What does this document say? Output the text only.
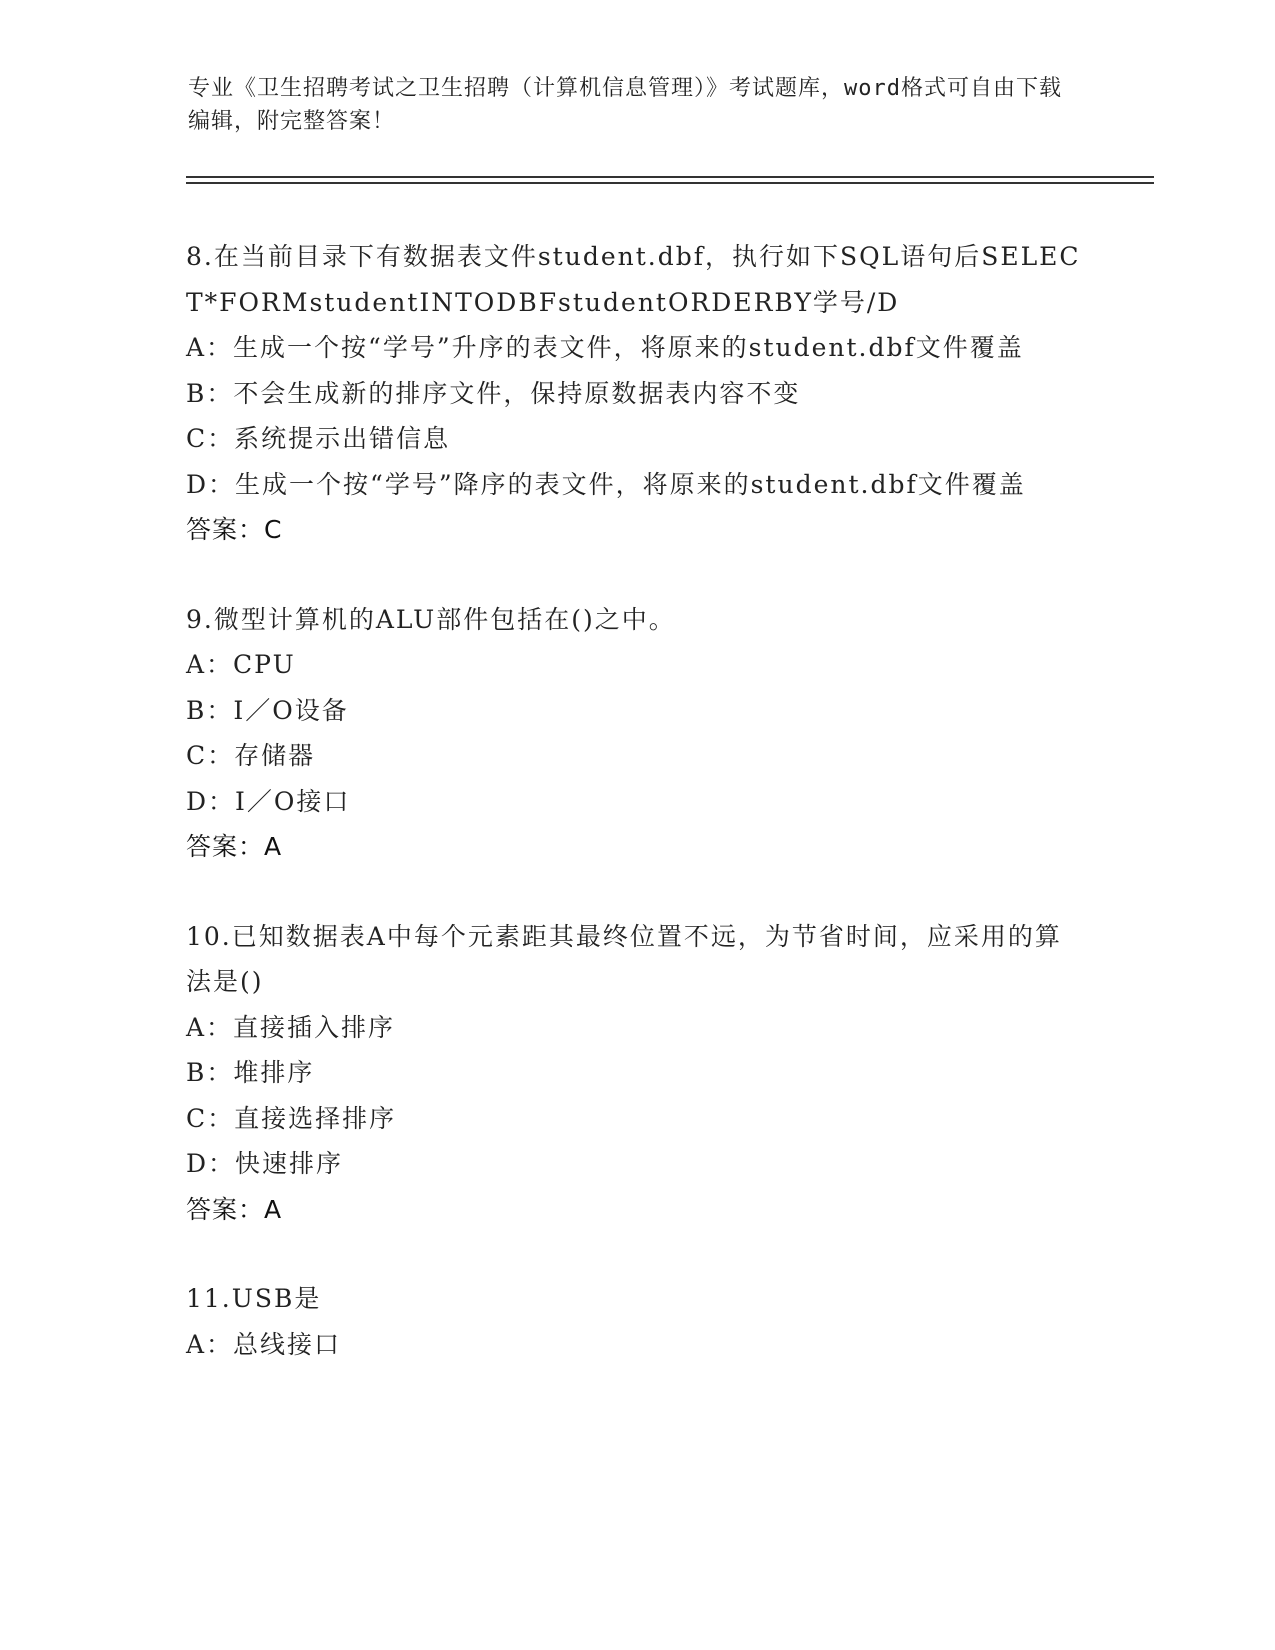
专业《卫生招聘考试之卫生招聘（计算机信息管理）》考试题库，word格式可自由下载编辑，附完整答案！
8.在当前目录下有数据表文件student.dbf，执行如下SQL语句后SELECT*FORMstudentINTODBFstudentORDERBY学号/D
A：生成一个按“学号”升序的表文件，将原来的student.dbf文件覆盖
B：不会生成新的排序文件，保持原数据表内容不变
C：系统提示出错信息
D：生成一个按“学号”降序的表文件，将原来的student.dbf文件覆盖
答案：C
9.微型计算机的ALU部件包括在()之中。
A：CPU
B：I／O设备
C：存储器
D：I／O接口
答案：A
10.已知数据表A中每个元素距其最终位置不远，为节省时间，应采用的算法是()
A：直接插入排序
B：堆排序
C：直接选择排序
D：快速排序
答案：A
11.USB是
A：总线接口
